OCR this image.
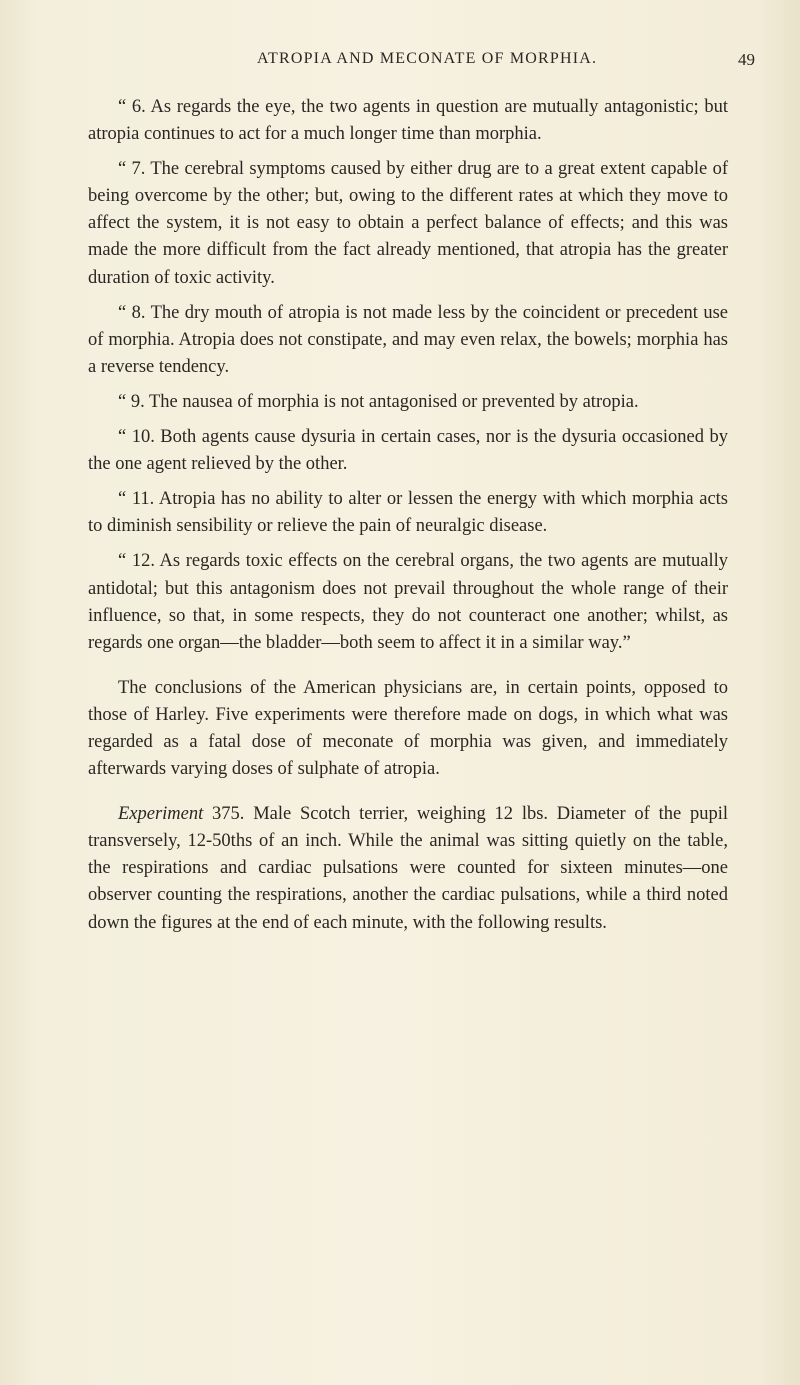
ATROPIA AND MECONATE OF MORPHIA.	49

“ 6. As regards the eye, the two agents in question are mutually antagonistic; but atropia continues to act for a much longer time than morphia.

“ 7. The cerebral symptoms caused by either drug are to a great extent capable of being overcome by the other; but, owing to the different rates at which they move to affect the system, it is not easy to obtain a perfect balance of effects; and this was made the more difficult from the fact already mentioned, that atropia has the greater duration of toxic activity.

“ 8. The dry mouth of atropia is not made less by the coincident or precedent use of morphia. Atropia does not constipate, and may even relax, the bowels; morphia has a reverse tendency.

“ 9. The nausea of morphia is not antagonised or prevented by atropia.

“ 10. Both agents cause dysuria in certain cases, nor is the dysuria occasioned by the one agent relieved by the other.

“ 11. Atropia has no ability to alter or lessen the energy with which morphia acts to diminish sensibility or relieve the pain of neuralgic disease.

“ 12. As regards toxic effects on the cerebral organs, the two agents are mutually antidotal; but this antagonism does not prevail throughout the whole range of their influence, so that, in some respects, they do not counteract one another; whilst, as regards one organ—the bladder—both seem to affect it in a similar way.”

The conclusions of the American physicians are, in certain points, opposed to those of Harley. Five experiments were therefore made on dogs, in which what was regarded as a fatal dose of meconate of morphia was given, and immediately afterwards varying doses of sulphate of atropia.

Experiment 375. Male Scotch terrier, weighing 12 lbs. Diameter of the pupil transversely, 12-50ths of an inch. While the animal was sitting quietly on the table, the respirations and cardiac pulsations were counted for sixteen minutes—one observer counting the respirations, another the cardiac pulsations, while a third noted down the figures at the end of each minute, with the following results.
